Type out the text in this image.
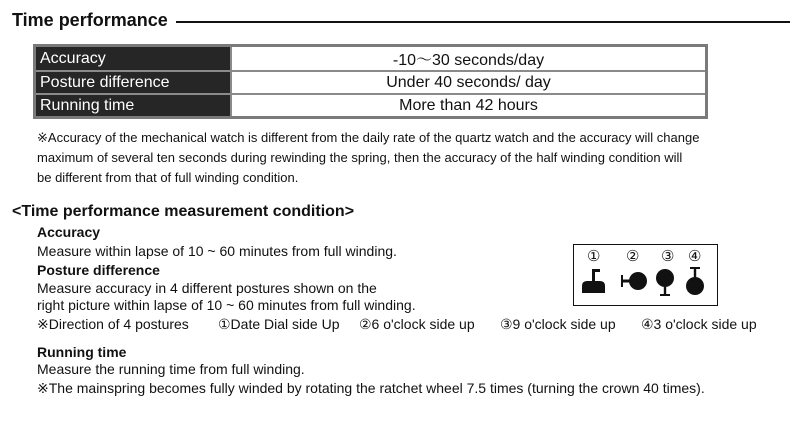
Time performance
Accuracy	-10～30 seconds/day
Posture difference	Under 40 seconds/ day
Running time	More than 42 hours
※Accuracy of the mechanical watch is different from the daily rate of the quartz watch and the accuracy will change
maximum of several ten seconds during rewinding the spring, then the accuracy of the half winding condition will
be different from that of full winding condition.
<Time performance measurement condition>
Accuracy
Measure within lapse of 10 ~ 60 minutes from full winding.
Posture difference
Measure accuracy in 4 different postures shown on the
right picture within lapse of 10 ~ 60 minutes from full winding.
※Direction of 4 postures ①Date Dial side Up ②6 o'clock side up ③9 o'clock side up ④3 o'clock side up
① ② ③ ④
Running time
Measure the running time from full winding.
※The mainspring becomes fully winded by rotating the ratchet wheel 7.5 times (turning the crown 40 times).
